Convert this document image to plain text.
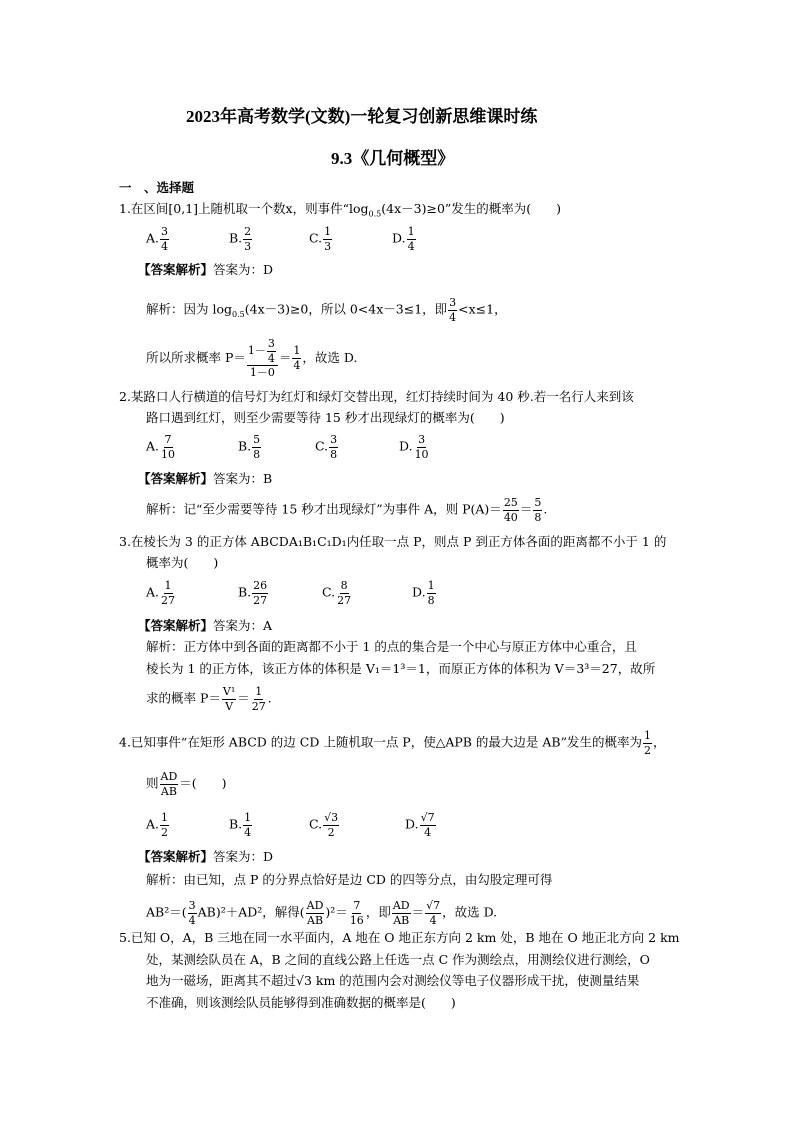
2023年高考数学(文数)一轮复习创新思维课时练
9.3《几何概型》
一　、选择题
1.在区间[0,1]上随机取一个数x，则事件“$\log_{0.5}(4x-3)\ge 0$”发生的概率为(　　)
A. $\frac{3}{4}$	B. $\frac{2}{3}$	C. $\frac{1}{3}$	D. $\frac{1}{4}$
【答案解析】答案为：D
解析：因为 $\log_{0.5}(4x-3)\ge 0$，所以 0<4x－3≤1，即 $\frac{3}{4} <x\le 1$，
所以所求概率 $P= \frac{1- \frac{3}{4}}{1-0} = \frac{1}{4}$ ，故选 D.
2.某路口人行横道的信号灯为红灯和绿灯交替出现，红灯持续时间为 40 秒.若一名行人来到该
路口遇到红灯，则至少需要等待 15 秒才出现绿灯的概率为(　　)
A. $\frac{7}{10}$	B. $\frac{5}{8}$	C. $\frac{3}{8}$	D. $\frac{3}{10}$
【答案解析】答案为：B
解析：记“至少需要等待 15 秒才出现绿灯”为事件 A，则 $P(A)= \frac{25}{40} = \frac{5}{8}$ .
3.在棱长为 3 的正方体 ABCDA₁B₁C₁D₁内任取一点 P，则点 P 到正方体各面的距离都不小于 1 的
概率为(　　)
A. $\frac{1}{27}$	B. $\frac{26}{27}$	C. $\frac{8}{27}$	D. $\frac{1}{8}$
【答案解析】答案为：A
解析：正方体中到各面的距离都不小于 1 的点的集合是一个中心与原正方体中心重合，且
棱长为 1 的正方体，该正方体的体积是 V₁＝1³＝1，而原正方体的体积为 V＝3³＝27，故所
求的概率 $P= \frac{\text{V¹}}{V} = \frac{1}{27}$ .
4.已知事件“在矩形 ABCD 的边 CD 上随机取一点 P，使△APB 的最大边是 AB”发生的概率为 $\frac{1}{2}$ ，
则 $\frac{AD}{AB}$ ＝(　　)
A. $\frac{1}{2}$	B. $\frac{1}{4}$	C. $\frac{√3}{2}$	D. $\frac{√7}{4}$
【答案解析】答案为：D
解析：由已知，点 P 的分界点恰好是边 CD 的四等分点，由勾股定理可得
$AB^2=( \frac{3}{4} AB)^2+AD^2$，解得( $\frac{AD}{AB} )^2= \frac{7}{16}$ ，即 $\frac{AD}{AB} = \frac{√7}{4}$ ，故选 D.
5.已知 O，A，B 三地在同一水平面内，A 地在 O 地正东方向 2 km 处，B 地在 O 地正北方向 2 km
处，某测绘队员在 A，B 之间的直线公路上任选一点 C 作为测绘点，用测绘仪进行测绘，O
地为一磁场，距离其不超过√3 km 的范围内会对测绘仪等电子仪器形成干扰，使测量结果
不准确，则该测绘队员能够得到准确数据的概率是(　　)
